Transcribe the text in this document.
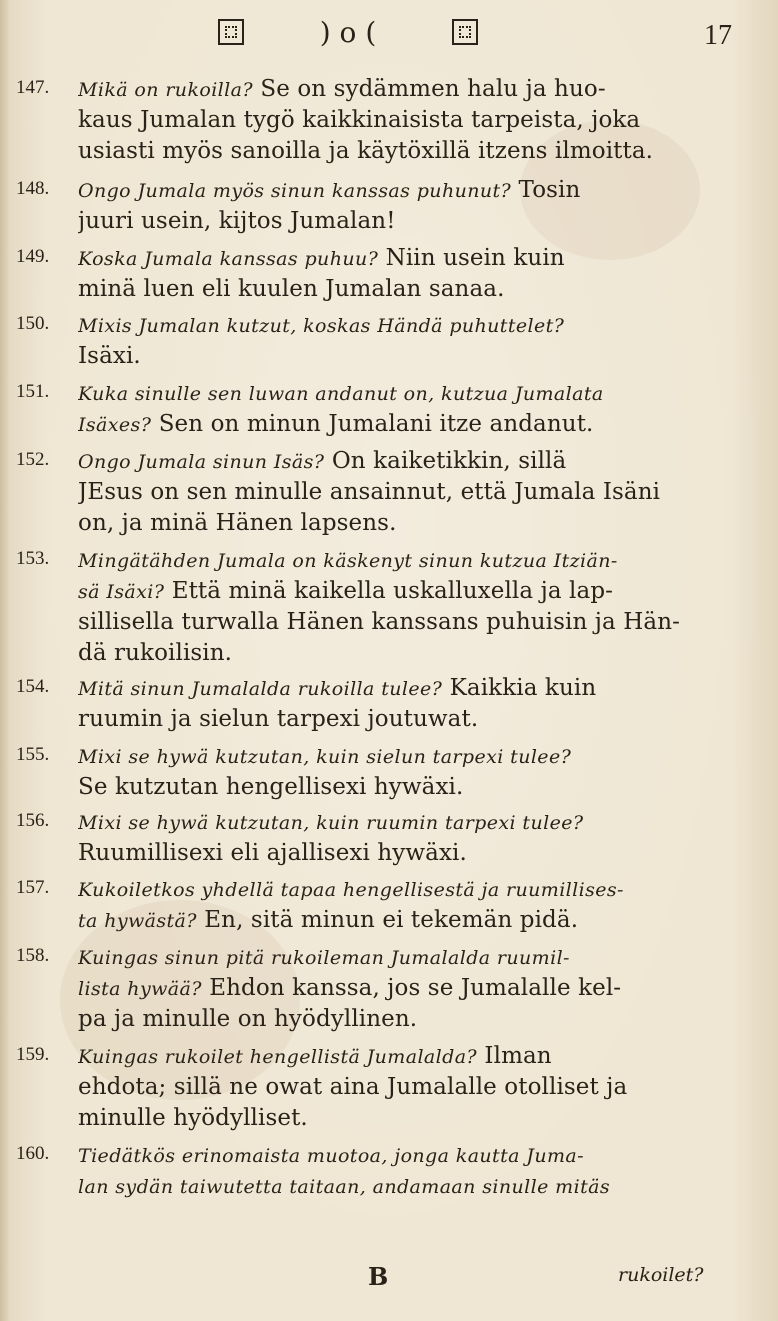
) o (	17
147.	Mikä on rukoilla? Se on sydämmen halu ja huo-
kaus Jumalan tygö kaikkinaisista tarpeista, joka
usiasti myös sanoilla ja käytöxillä itzens ilmoitta.
148.	Ongo Jumala myös sinun kanssas puhunut? Tosin
juuri usein, kijtos Jumalan!
149.	Koska Jumala kanssas puhuu? Niin usein kuin
minä luen eli kuulen Jumalan sanaa.
150.	Mixis Jumalan kutzut, koskas Händä puhuttelet?
Isäxi.
151.	Kuka sinulle sen luwan andanut on, kutzua Jumalata
Isäxes? Sen on minun Jumalani itze andanut.
152.	Ongo Jumala sinun Isäs? On kaiketikkin, sillä
JEsus on sen minulle ansainnut, että Jumala Isäni
on, ja minä Hänen lapsens.
153.	Mingätähden Jumala on käskenyt sinun kutzua Itziän-
sä Isäxi? Että minä kaikella uskalluxella ja lap-
sillisella turwalla Hänen kanssans puhuisin ja Hän-
dä rukoilisin.
154.	Mitä sinun Jumalalda rukoilla tulee? Kaikkia kuin
ruumin ja sielun tarpexi joutuwat.
155.	Mixi se hywä kutzutan, kuin sielun tarpexi tulee?
Se kutzutan hengellisexi hywäxi.
156.	Mixi se hywä kutzutan, kuin ruumin tarpexi tulee?
Ruumillisexi eli ajallisexi hywäxi.
157.	Kukoiletkos yhdellä tapaa hengellisestä ja ruumillises-
ta hywästä? En, sitä minun ei tekemän pidä.
158.	Kuingas sinun pitä rukoileman Jumalalda ruumil-
lista hywää? Ehdon kanssa, jos se Jumalalle kel-
pa ja minulle on hyödyllinen.
159.	Kuingas rukoilet hengellistä Jumalalda? Ilman
ehdota; sillä ne owat aina Jumalalle otolliset ja
minulle hyödylliset.
160.	Tiedätkös erinomaista muotoa, jonga kautta Juma-
lan sydän taiwutetta taitaan, andamaan sinulle mitäs
B	rukoilet?
